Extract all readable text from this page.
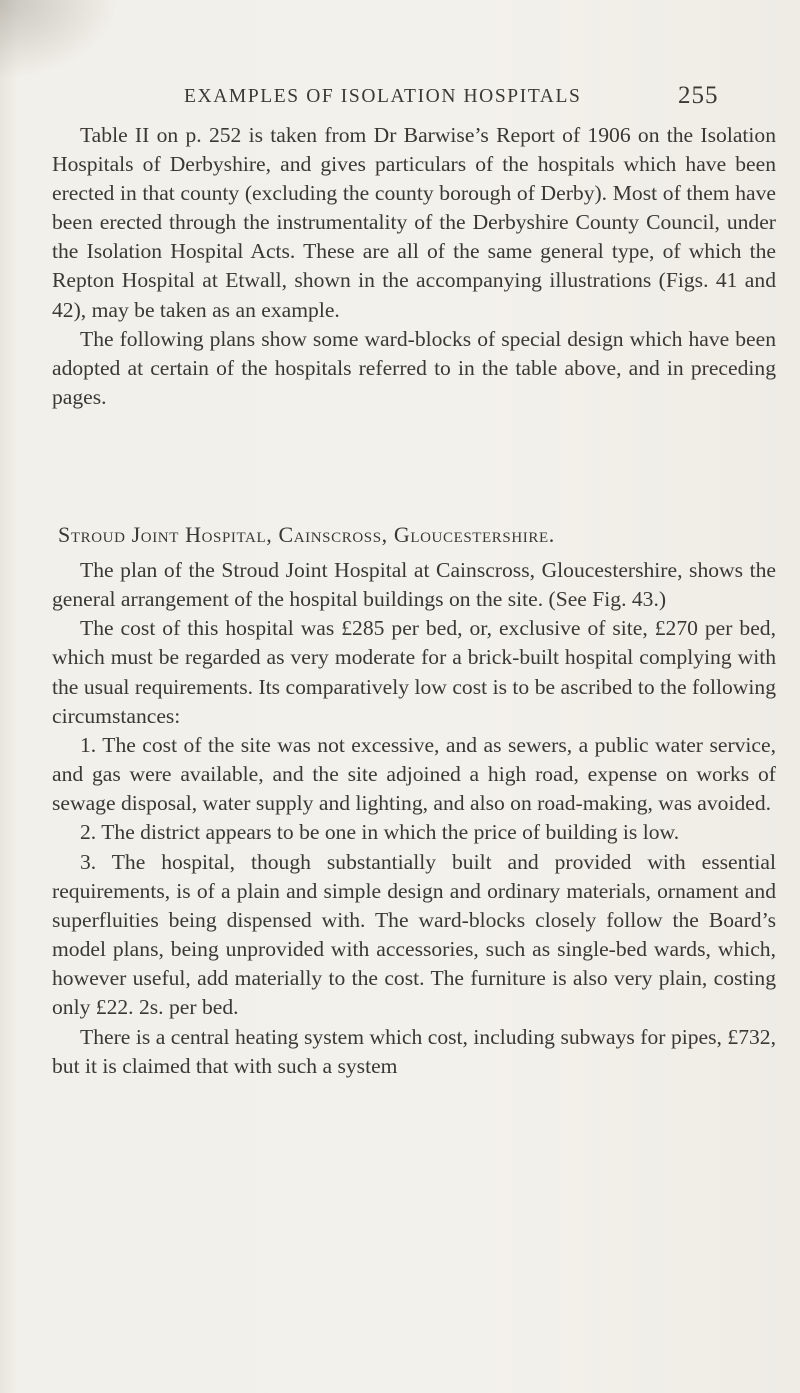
EXAMPLES OF ISOLATION HOSPITALS	255

Table II on p. 252 is taken from Dr Barwise’s Report of 1906 on the Isolation Hospitals of Derbyshire, and gives particulars of the hospitals which have been erected in that county (excluding the county borough of Derby). Most of them have been erected through the instrumentality of the Derbyshire County Council, under the Isolation Hospital Acts. These are all of the same general type, of which the Repton Hospital at Etwall, shown in the accompanying illustrations (Figs. 41 and 42), may be taken as an example.

The following plans show some ward-blocks of special design which have been adopted at certain of the hospitals referred to in the table above, and in preceding pages.

Stroud Joint Hospital, Cainscross, Gloucestershire.

The plan of the Stroud Joint Hospital at Cainscross, Gloucestershire, shows the general arrangement of the hospital buildings on the site. (See Fig. 43.)

The cost of this hospital was £285 per bed, or, exclusive of site, £270 per bed, which must be regarded as very moderate for a brick-built hospital complying with the usual requirements. Its comparatively low cost is to be ascribed to the following circumstances:

1. The cost of the site was not excessive, and as sewers, a public water service, and gas were available, and the site adjoined a high road, expense on works of sewage disposal, water supply and lighting, and also on road-making, was avoided.

2. The district appears to be one in which the price of building is low.

3. The hospital, though substantially built and provided with essential requirements, is of a plain and simple design and ordinary materials, ornament and superfluities being dispensed with. The ward-blocks closely follow the Board’s model plans, being unprovided with accessories, such as single-bed wards, which, however useful, add materially to the cost. The furniture is also very plain, costing only £22. 2s. per bed.

There is a central heating system which cost, including subways for pipes, £732, but it is claimed that with such a system
